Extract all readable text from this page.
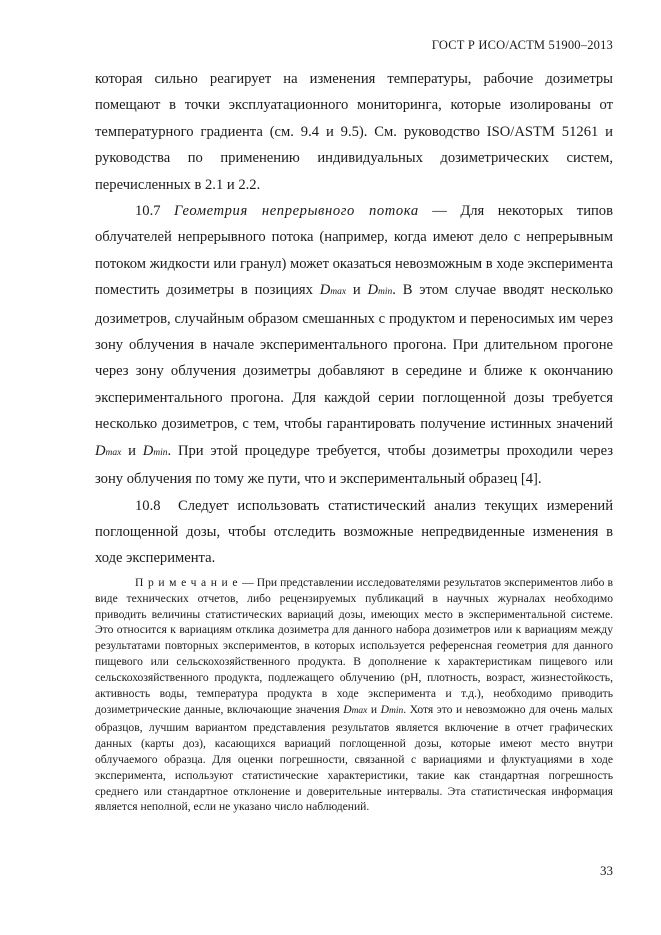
ГОСТ Р ИСО/АСТМ 51900–2013

которая сильно реагирует на изменения температуры, рабочие дозиметры помещают в точки эксплуатационного мониторинга, которые изолированы от температурного градиента (см. 9.4 и 9.5). См. руководство ISO/ASTM 51261 и руководства по применению индивидуальных дозиметрических систем, перечисленных в 2.1 и 2.2.

10.7 Геометрия непрерывного потока — Для некоторых типов облучателей непрерывного потока (например, когда имеют дело с непрерывным потоком жидкости или гранул) может оказаться невозможным в ходе эксперимента поместить дозиметры в позициях Dmax и Dmin. В этом случае вводят несколько дозиметров, случайным образом смешанных с продуктом и переносимых им через зону облучения в начале экспериментального прогона. При длительном прогоне через зону облучения дозиметры добавляют в середине и ближе к окончанию экспериментального прогона. Для каждой серии поглощенной дозы требуется несколько дозиметров, с тем, чтобы гарантировать получение истинных значений Dmax и Dmin. При этой процедуре требуется, чтобы дозиметры проходили через зону облучения по тому же пути, что и экспериментальный образец [4].

10.8 Следует использовать статистический анализ текущих измерений поглощенной дозы, чтобы отследить возможные непредвиденные изменения в ходе эксперимента.

Примечание— При представлении исследователями результатов экспериментов либо в виде технических отчетов, либо рецензируемых публикаций в научных журналах необходимо приводить величины статистических вариаций дозы, имеющих место в экспериментальной системе. Это относится к вариациям отклика дозиметра для данного набора дозиметров или к вариациям между результатами повторных экспериментов, в которых используется референсная геометрия для данного пищевого или сельскохозяйственного продукта. В дополнение к характеристикам пищевого или сельскохозяйственного продукта, подлежащего облучению (pH, плотность, возраст, жизнестойкость, активность воды, температура продукта в ходе эксперимента и т.д.), необходимо приводить дозиметрические данные, включающие значения Dmax и Dmin. Хотя это и невозможно для очень малых образцов, лучшим вариантом представления результатов является включение в отчет графических данных (карты доз), касающихся вариаций поглощенной дозы, которые имеют место внутри облучаемого образца. Для оценки погрешности, связанной с вариациями и флуктуациями в ходе эксперимента, используют статистические характеристики, такие как стандартная погрешность среднего или стандартное отклонение и доверительные интервалы. Эта статистическая информация является неполной, если не указано число наблюдений.

33
